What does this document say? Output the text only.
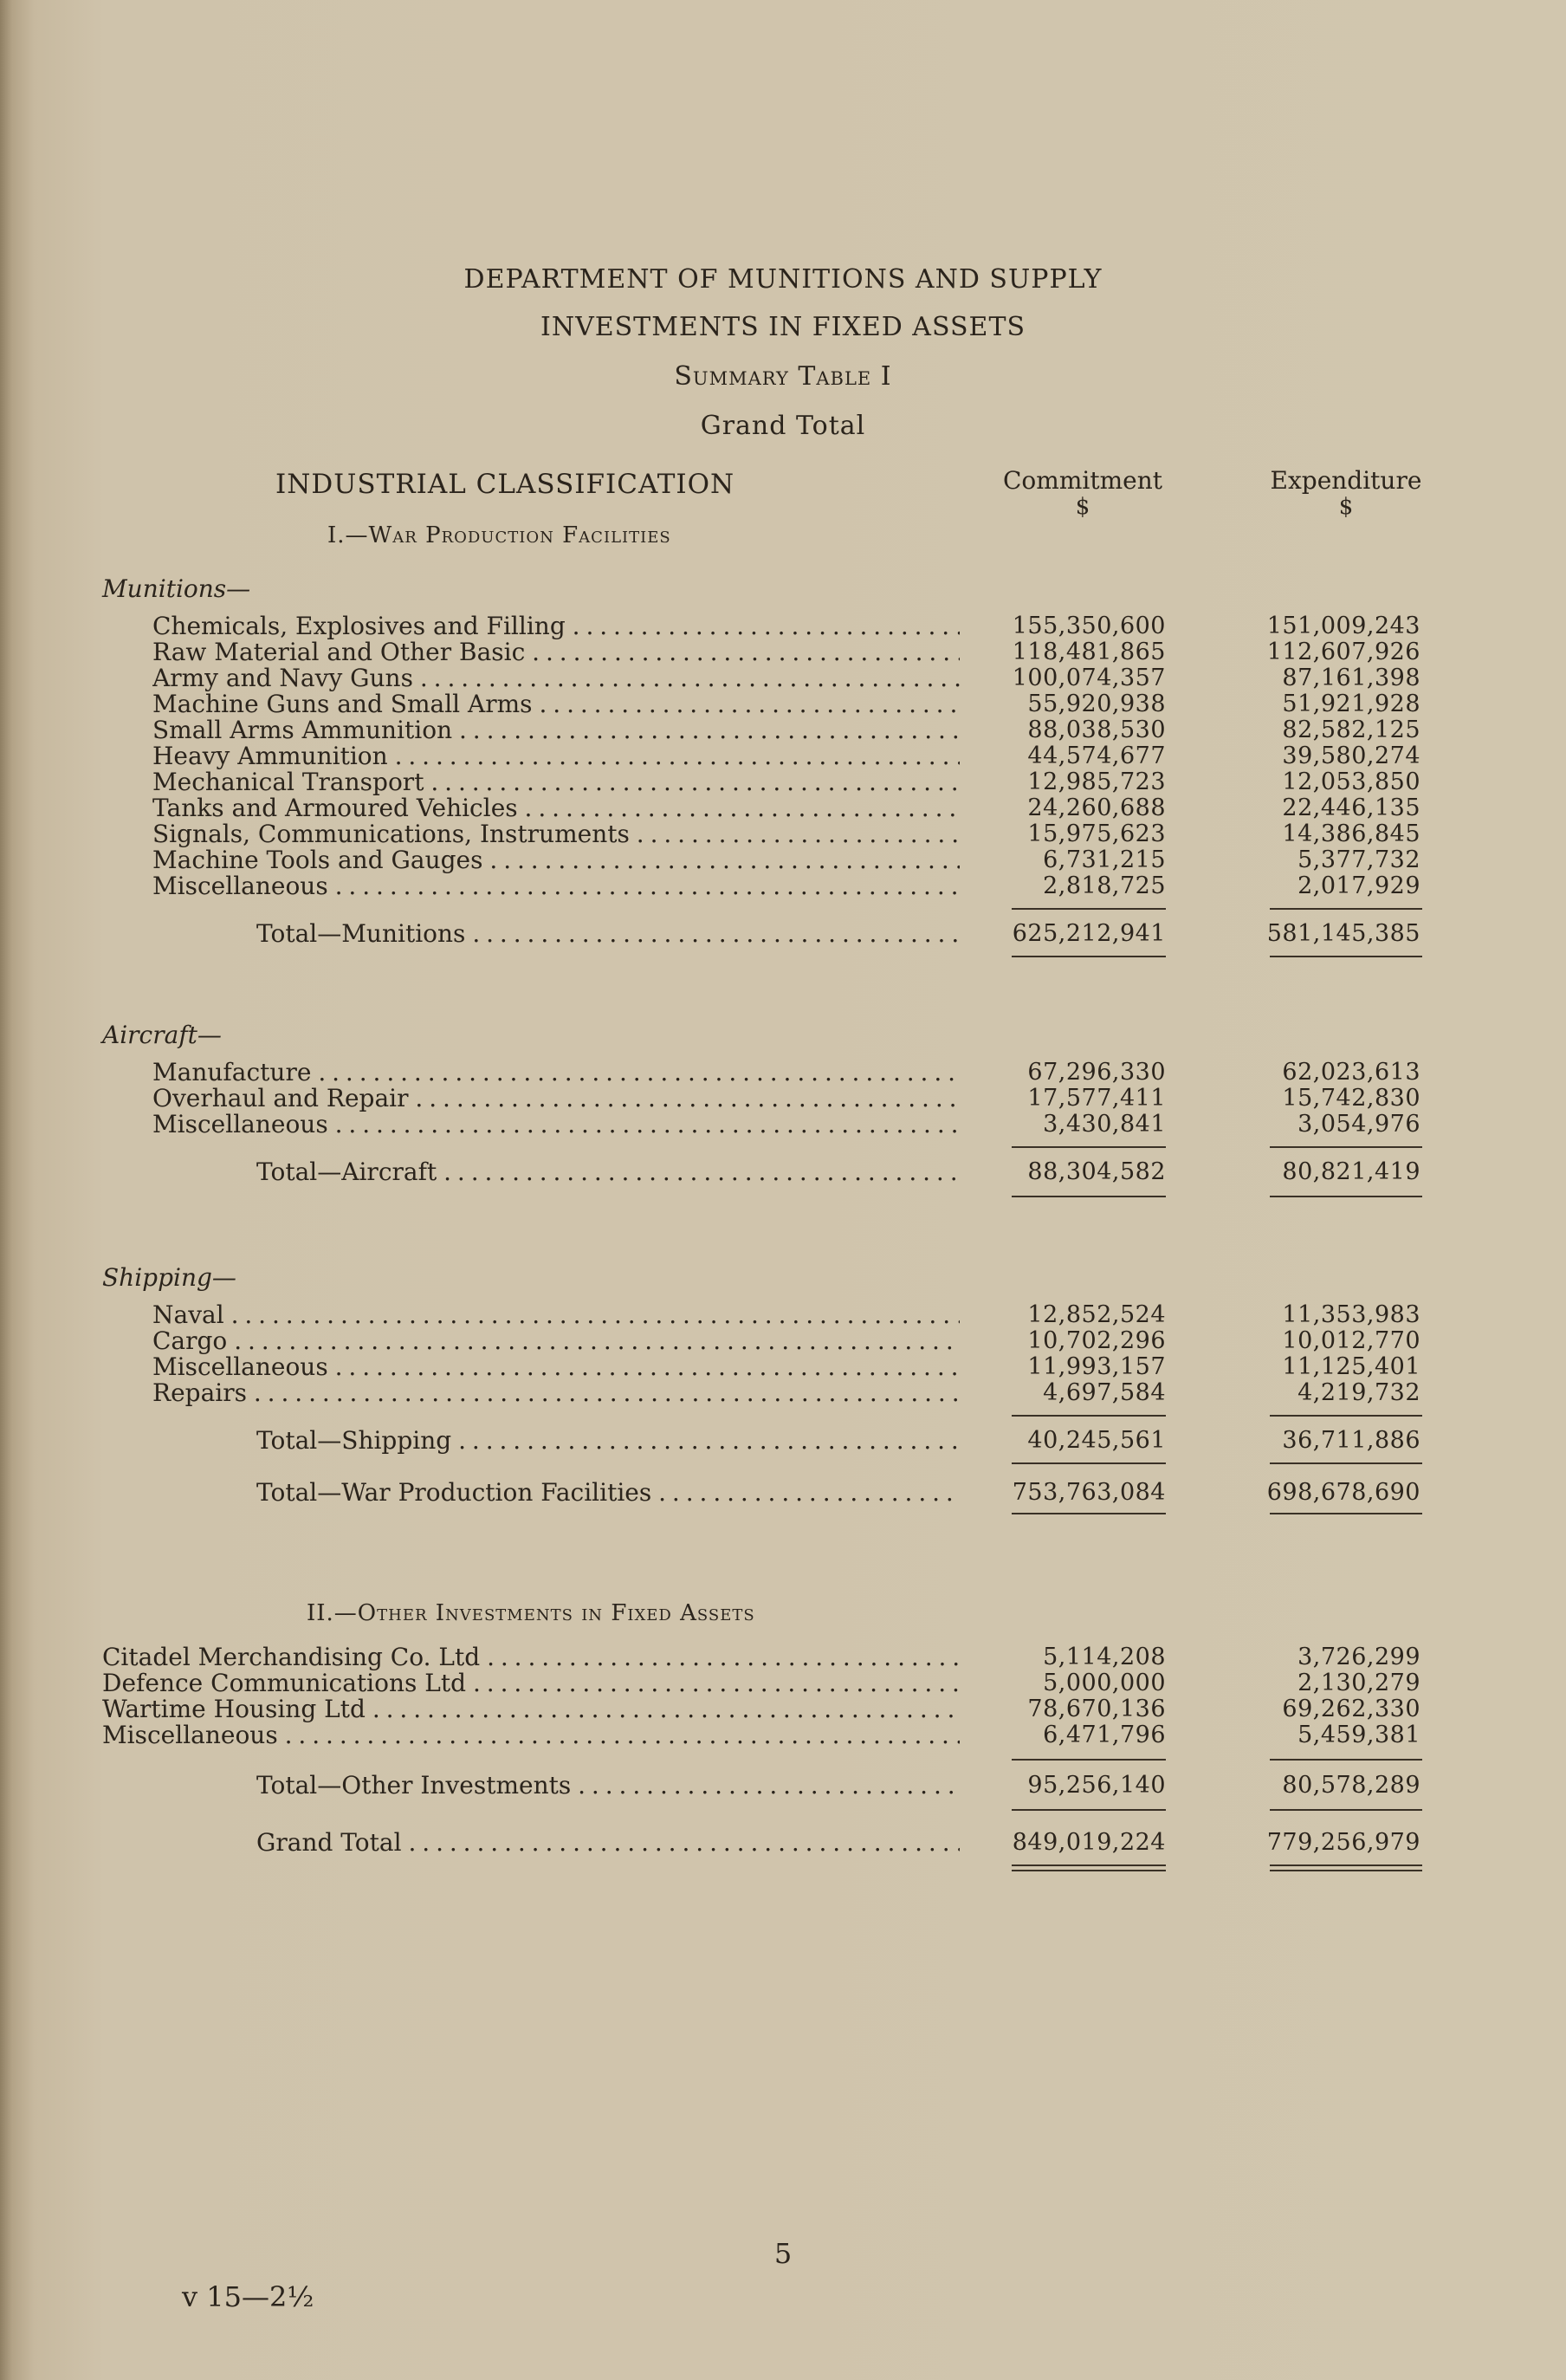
DEPARTMENT OF MUNITIONS AND SUPPLY
INVESTMENTS IN FIXED ASSETS
Summary Table I
Grand Total
INDUSTRIAL CLASSIFICATION	Commitment
$
Expenditure
$
I.—War Production Facilities
Munitions—
Chemicals, Explosives and Filling . . .	155,350,600	151,009,243
Raw Material and Other Basic . . .	118,481,865	112,607,926
Army and Navy Guns . . .	100,074,357	87,161,398
Machine Guns and Small Arms . . .	55,920,938	51,921,928
Small Arms Ammunition . . .	88,038,530	82,582,125
Heavy Ammunition . . .	44,574,677	39,580,274
Mechanical Transport . . .	12,985,723	12,053,850
Tanks and Armoured Vehicles . . .	24,260,688	22,446,135
Signals, Communications, Instruments . . .	15,975,623	14,386,845
Machine Tools and Gauges . . .	6,731,215	5,377,732
Miscellaneous . . .	2,818,725	2,017,929
Total—Munitions . . .	625,212,941	581,145,385
Aircraft—
Manufacture . . .	67,296,330	62,023,613
Overhaul and Repair . . .	17,577,411	15,742,830
Miscellaneous . . .	3,430,841	3,054,976
Total—Aircraft . . .	88,304,582	80,821,419
Shipping—
Naval . . .	12,852,524	11,353,983
Cargo . . .	10,702,296	10,012,770
Miscellaneous . . .	11,993,157	11,125,401
Repairs . . .	4,697,584	4,219,732
Total—Shipping . . .	40,245,561	36,711,886
Total—War Production Facilities . . .	753,763,084	698,678,690
II.—Other Investments in Fixed Assets
Citadel Merchandising Co. Ltd . . .	5,114,208	3,726,299
Defence Communications Ltd . . .	5,000,000	2,130,279
Wartime Housing Ltd . . .	78,670,136	69,262,330
Miscellaneous . . .	6,471,796	5,459,381
Total—Other Investments . . .	95,256,140	80,578,289
Grand Total . . .	849,019,224	779,256,979
5
v 15—2½
